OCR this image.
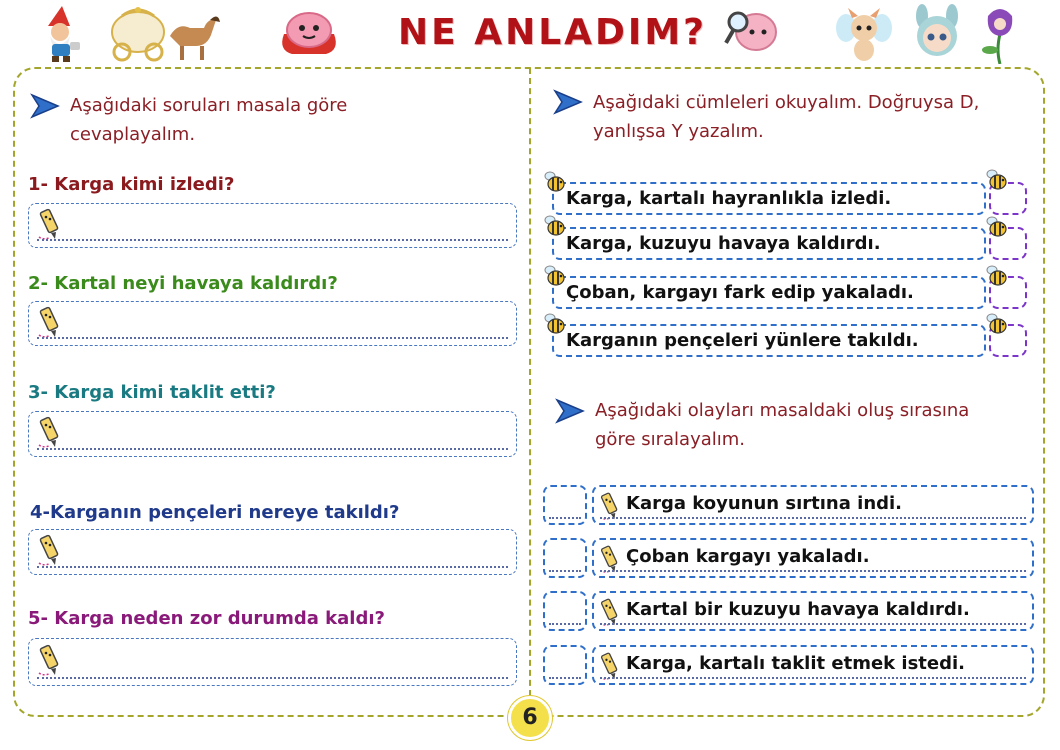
NE ANLADIM?
Aşağıdaki soruları masala göre
cevaplayalım.
1- Karga kimi izledi?
2- Kartal neyi havaya kaldırdı?
3- Karga kimi taklit etti?
4-Karganın pençeleri nereye takıldı?
5- Karga neden zor durumda kaldı?
Aşağıdaki cümleleri okuyalım. Doğruysa D,
yanlışsa Y yazalım.
Karga, kartalı hayranlıkla izledi.
Karga, kuzuyu havaya kaldırdı.
Çoban, kargayı fark edip yakaladı.
Karganın pençeleri yünlere takıldı.
Aşağıdaki olayları masaldaki oluş sırasına
göre sıralayalım.
Karga koyunun sırtına indi.
Çoban kargayı yakaladı.
Kartal bir kuzuyu havaya kaldırdı.
Karga, kartalı taklit etmek istedi.
6
